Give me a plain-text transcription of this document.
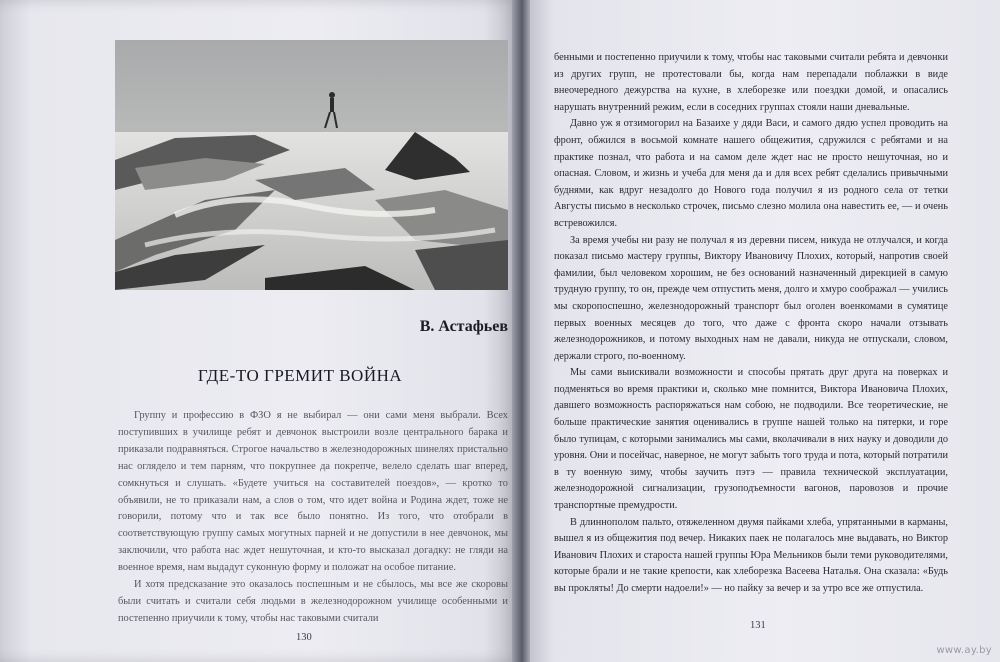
В. Астафьев
ГДЕ-ТО ГРЕМИТ ВОЙНА

Группу и профессию в ФЗО я не выбирал — они сами меня выбрали. Всех поступивших в училище ребят и девчонок выстроили возле центрального барака и приказали подравняться. Строгое начальство в железнодорожных шинелях пристально нас оглядело и тем парням, что покрупнее да покрепче, велело сделать шаг вперед, сомкнуться и слушать. «Будете учиться на составителей поездов», — кротко то объявили, не то приказали нам, а слов о том, что идет война и Родина ждет, тоже не говорили, потому что и так все было понятно. Из того, что отобрали в соответствующую группу самых могутных парней и не допустили в нее девчонок, мы заключили, что работа нас ждет нешуточная, и кто-то высказал догадку: не гляди на военное время, нам выдадут суконную форму и положат на особое питание.

И хотя предсказание это оказалось поспешным и не сбылось, мы все же скоровы были считать и считали себя людьми в железнодорожном училище особенными и постепенно приучили к тому, чтобы нас таковыми считали

бенными и постепенно приучили к тому, чтобы нас таковыми считали ребята и девчонки из других групп, не протестовали бы, когда нам перепадали поблажки в виде внеочередного дежурства на кухне, в хлеборезке или поездки домой, и опасались нарушать внутренний режим, если в соседних группах стояли наши дневальные.

Давно уж я отзимогорил на Базаихе у дяди Васи, и самого дядю успел проводить на фронт, обжился в восьмой комнате нашего общежития, сдружился с ребятами и на практике познал, что работа и на самом деле ждет нас не просто нешуточная, но и опасная. Словом, и жизнь и учеба для меня да и для всех ребят сделались привычными буднями, как вдруг незадолго до Нового года получил я из родного села от тетки Августы письмо в несколько строчек, письмо слезно молила она навестить ее, — и очень встревожился.

За время учебы ни разу не получал я из деревни писем, никуда не отлучался, и когда показал письмо мастеру группы, Виктору Ивановичу Плохих, который, напротив своей фамилии, был человеком хорошим, не без оснований назначенный дирекцией в самую трудную группу, то он, прежде чем отпустить меня, долго и хмуро соображал — учились мы скоропоспешно, железнодорожный транспорт был оголен военкомами в сумятице первых военных месяцев до того, что даже с фронта скоро начали отзывать железнодорожников, и потому выходных нам не давали, никуда не отпускали, словом, держали строго, по-военному.

Мы сами выискивали возможности и способы прятать друг друга на поверках и подменяться во время практики и, сколько мне помнится, Виктора Ивановича Плохих, давшего возможность распоряжаться нам собою, не подводили. Все теоретические, не больше практические занятия оценивались в группе нашей только на пятерки, и горе было тупицам, с которыми занимались мы сами, вколачивали в них науку и доводили до уровня. Они и посейчас, наверное, не могут забыть того труда и пота, который потратили в ту военную зиму, чтобы заучить пэтэ — правила технической эксплуатации, железнодорожной сигнализации, грузоподъемности вагонов, паровозов и прочие транспортные премудрости.

В длиннополом пальто, отяжеленном двумя пайками хлеба, упрятанными в карманы, вышел я из общежития под вечер. Никаких паек не полагалось мне выдавать, но Виктор Иванович Плохих и староста нашей группы Юра Мельников были теми руководителями, которые брали и не такие крепости, как хлеборезка Васеева Наталья. Она сказала: «Будь вы прокляты! До смерти надоели!» — но пайку за вечер и за утро все же отпустила.

130
131
www.ay.by
